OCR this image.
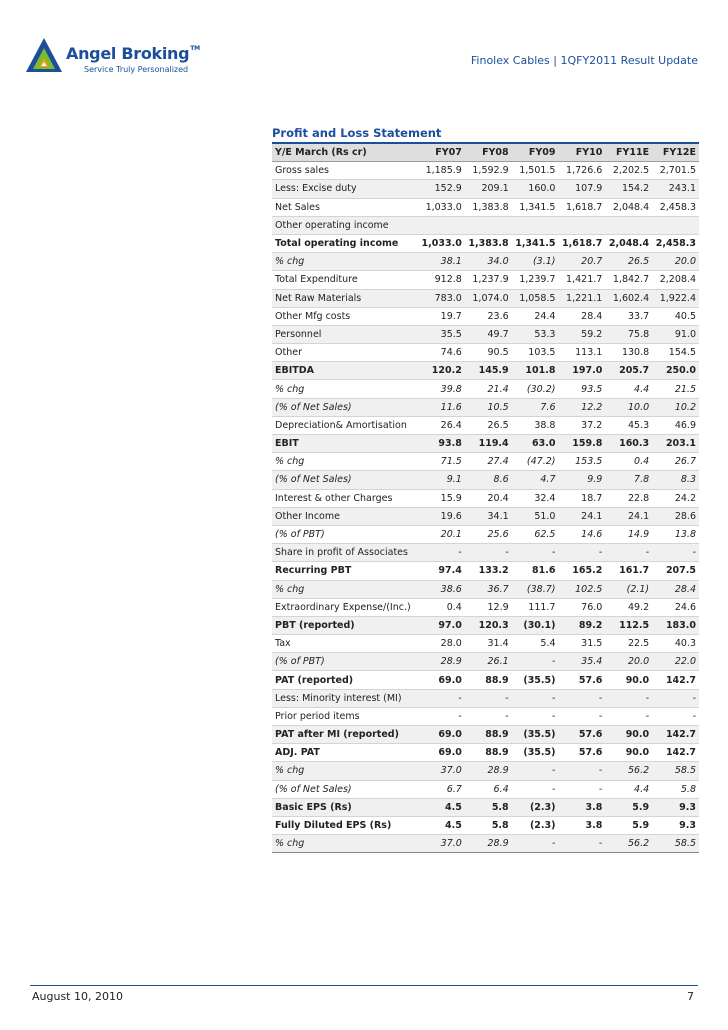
Angel Broking™
Service Truly Personalized
Finolex Cables | 1QFY2011 Result Update
Profit and Loss Statement
Y/E March (Rs cr)	FY07	FY08	FY09	FY10	FY11E	FY12E
Gross sales	1,185.9	1,592.9	1,501.5	1,726.6	2,202.5	2,701.5
Less: Excise duty	152.9	209.1	160.0	107.9	154.2	243.1
Net Sales	1,033.0	1,383.8	1,341.5	1,618.7	2,048.4	2,458.3
Other operating income						
Total operating income	1,033.0	1,383.8	1,341.5	1,618.7	2,048.4	2,458.3
% chg	38.1	34.0	(3.1)	20.7	26.5	20.0
Total Expenditure	912.8	1,237.9	1,239.7	1,421.7	1,842.7	2,208.4
Net Raw Materials	783.0	1,074.0	1,058.5	1,221.1	1,602.4	1,922.4
Other Mfg costs	19.7	23.6	24.4	28.4	33.7	40.5
Personnel	35.5	49.7	53.3	59.2	75.8	91.0
Other	74.6	90.5	103.5	113.1	130.8	154.5
EBITDA	120.2	145.9	101.8	197.0	205.7	250.0
% chg	39.8	21.4	(30.2)	93.5	4.4	21.5
(% of Net Sales)	11.6	10.5	7.6	12.2	10.0	10.2
Depreciation& Amortisation	26.4	26.5	38.8	37.2	45.3	46.9
EBIT	93.8	119.4	63.0	159.8	160.3	203.1
% chg	71.5	27.4	(47.2)	153.5	0.4	26.7
(% of Net Sales)	9.1	8.6	4.7	9.9	7.8	8.3
Interest & other Charges	15.9	20.4	32.4	18.7	22.8	24.2
Other Income	19.6	34.1	51.0	24.1	24.1	28.6
(% of PBT)	20.1	25.6	62.5	14.6	14.9	13.8
Share in profit of Associates	-	-	-	-	-	-
Recurring PBT	97.4	133.2	81.6	165.2	161.7	207.5
% chg	38.6	36.7	(38.7)	102.5	(2.1)	28.4
Extraordinary Expense/(Inc.)	0.4	12.9	111.7	76.0	49.2	24.6
PBT (reported)	97.0	120.3	(30.1)	89.2	112.5	183.0
Tax	28.0	31.4	5.4	31.5	22.5	40.3
(% of PBT)	28.9	26.1	-	35.4	20.0	22.0
PAT (reported)	69.0	88.9	(35.5)	57.6	90.0	142.7
Less: Minority interest (MI)	-	-	-	-	-	-
Prior period items	-	-	-	-	-	-
PAT after MI (reported)	69.0	88.9	(35.5)	57.6	90.0	142.7
ADJ. PAT	69.0	88.9	(35.5)	57.6	90.0	142.7
% chg	37.0	28.9	-	-	56.2	58.5
(% of Net Sales)	6.7	6.4	-	-	4.4	5.8
Basic EPS (Rs)	4.5	5.8	(2.3)	3.8	5.9	9.3
Fully Diluted EPS (Rs)	4.5	5.8	(2.3)	3.8	5.9	9.3
% chg	37.0	28.9	-	-	56.2	58.5
August 10, 2010	7
